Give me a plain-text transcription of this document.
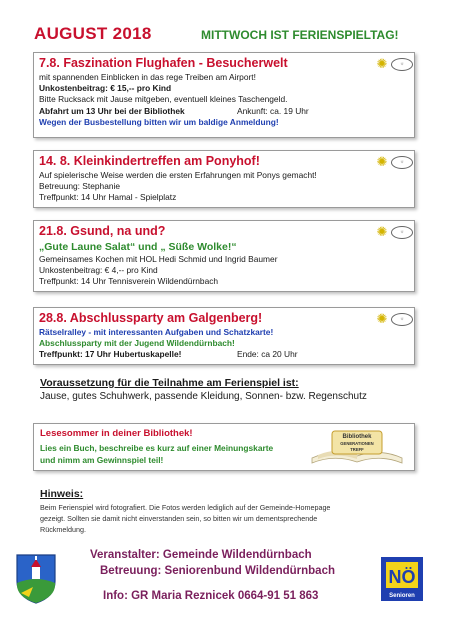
AUGUST 2018	MITTWOCH IST FERIENSPIELTAG!
7.8. Faszination Flughafen - Besucherwelt
mit spannenden Einblicken in das rege Treiben am Airport!
Unkostenbeitrag: € 15,-- pro Kind
Bitte Rucksack mit Jause mitgeben, eventuell kleines Taschengeld.
Abfahrt um 13 Uhr bei der Bibliothek	Ankunft: ca. 19 Uhr
Wegen der Busbestellung bitten wir um baldige Anmeldung!
✺	☼
14. 8. Kleinkindertreffen am Ponyhof!
Auf spielerische Weise werden die ersten Erfahrungen mit Ponys gemacht!
Betreuung: Stephanie
Treffpunkt: 14 Uhr Hamal - Spielplatz
✺	☼
21.8. Gsund, na und?
„Gute Laune Salat“ und „ Süße Wolke!“
Gemeinsames Kochen mit HOL Hedi Schmid und Ingrid Baumer
Unkostenbeitrag: € 4,-- pro Kind
Treffpunkt: 14 Uhr Tennisverein Wildendürnbach
✺	☼
28.8. Abschlussparty am Galgenberg!
Rätselralley - mit interessanten Aufgaben und Schatzkarte!
Abschlussparty mit der Jugend Wildendürnbach!
Treffpunkt: 17 Uhr Hubertuskapelle!	Ende: ca 20 Uhr
✺	☼
Voraussetzung für die Teilnahme am Ferienspiel ist:
Jause, gutes Schuhwerk, passende Kleidung, Sonnen- bzw. Regenschutz
Lesesommer in deiner Bibliothek!
Lies ein Buch, beschreibe es kurz auf einer Meinungskarte
und nimm am Gewinnspiel teil!
Bibliothek
GENERATIONEN
TREFF
Hinweis:
Beim Ferienspiel wird fotografiert. Die Fotos werden lediglich auf der Gemeinde-Homepage
gezeigt. Sollten sie damit nicht einverstanden sein, so bitten wir um dementsprechende
Rückmeldung.
Veranstalter: Gemeinde Wildendürnbach
Betreuung: Seniorenbund Wildendürnbach
Info: GR Maria Reznicek 0664-91 51 863
NÖ
Senioren
